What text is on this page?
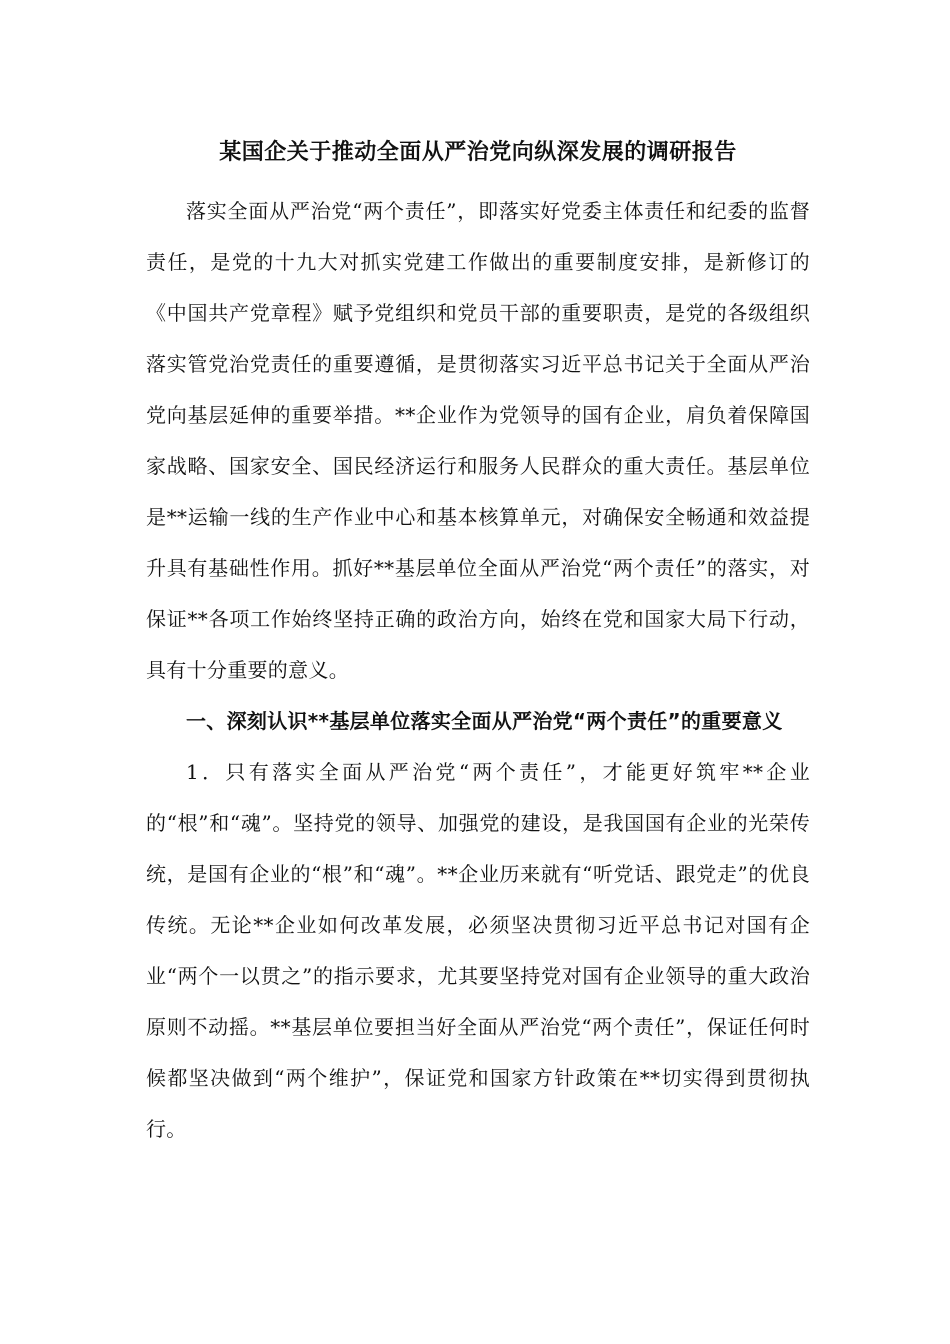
某国企关于推动全面从严治党向纵深发展的调研报告

落实全面从严治党“两个责任”，即落实好党委主体责任和纪委的监督责任，是党的十九大对抓实党建工作做出的重要制度安排，是新修订的《中国共产党章程》赋予党组织和党员干部的重要职责，是党的各级组织落实管党治党责任的重要遵循，是贯彻落实习近平总书记关于全面从严治党向基层延伸的重要举措。**企业作为党领导的国有企业，肩负着保障国家战略、国家安全、国民经济运行和服务人民群众的重大责任。基层单位是**运输一线的生产作业中心和基本核算单元，对确保安全畅通和效益提升具有基础性作用。抓好**基层单位全面从严治党“两个责任”的落实，对保证**各项工作始终坚持正确的政治方向，始终在党和国家大局下行动，具有十分重要的意义。

一、深刻认识**基层单位落实全面从严治党“两个责任”的重要意义

1．只有落实全面从严治党“两个责任”，才能更好筑牢**企业的“根”和“魂”。坚持党的领导、加强党的建设，是我国国有企业的光荣传统，是国有企业的“根”和“魂”。**企业历来就有“听党话、跟党走”的优良传统。无论**企业如何改革发展，必须坚决贯彻习近平总书记对国有企业“两个一以贯之”的指示要求，尤其要坚持党对国有企业领导的重大政治原则不动摇。**基层单位要担当好全面从严治党“两个责任”，保证任何时候都坚决做到“两个维护”，保证党和国家方针政策在**切实得到贯彻执行。
